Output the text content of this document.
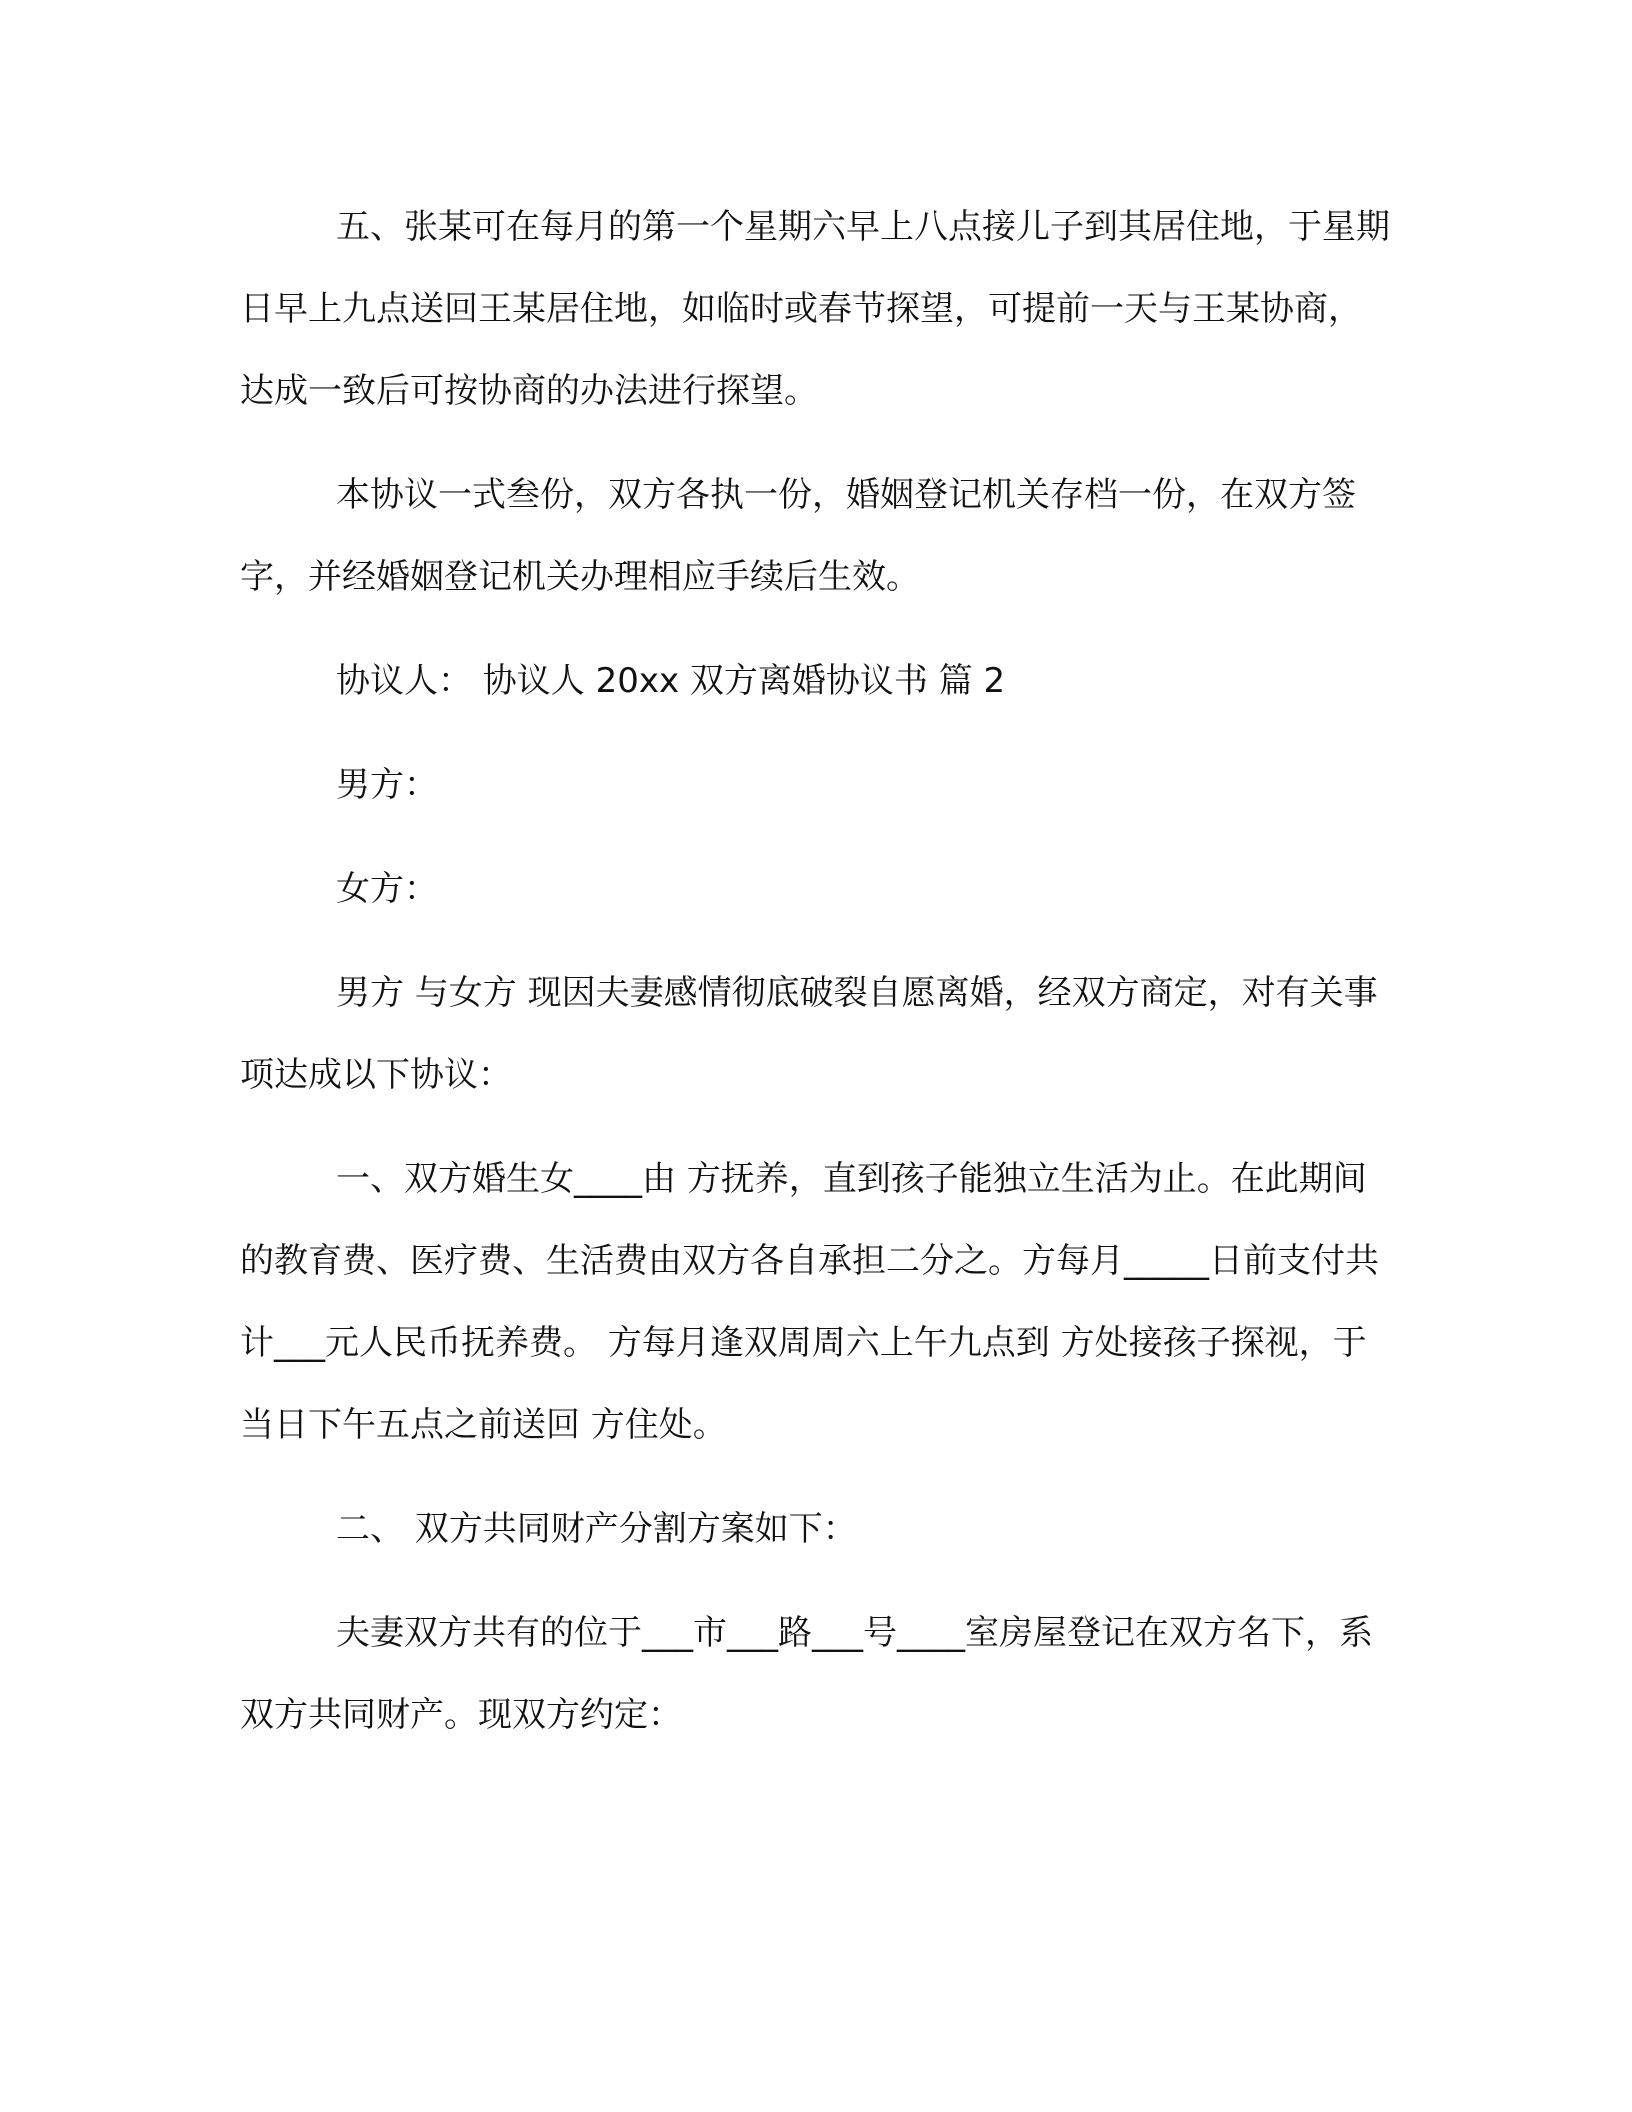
五、张某可在每月的第一个星期六早上八点接儿子到其居住地，于星期日早上九点送回王某居住地，如临时或春节探望，可提前一天与王某协商，达成一致后可按协商的办法进行探望。

本协议一式叁份，双方各执一份，婚姻登记机关存档一份，在双方签字，并经婚姻登记机关办理相应手续后生效。

协议人： 协议人 20xx 双方离婚协议书 篇 2

男方：

女方：

男方 与女方 现因夫妻感情彻底破裂自愿离婚，经双方商定，对有关事项达成以下协议：

一、双方婚生女____由 方抚养，直到孩子能独立生活为止。在此期间的教育费、医疗费、生活费由双方各自承担二分之。方每月_____日前支付共计___元人民币抚养费。 方每月逢双周周六上午九点到 方处接孩子探视，于当日下午五点之前送回 方住处。

二、 双方共同财产分割方案如下：

夫妻双方共有的位于___市___路___号____室房屋登记在双方名下，系双方共同财产。现双方约定：
